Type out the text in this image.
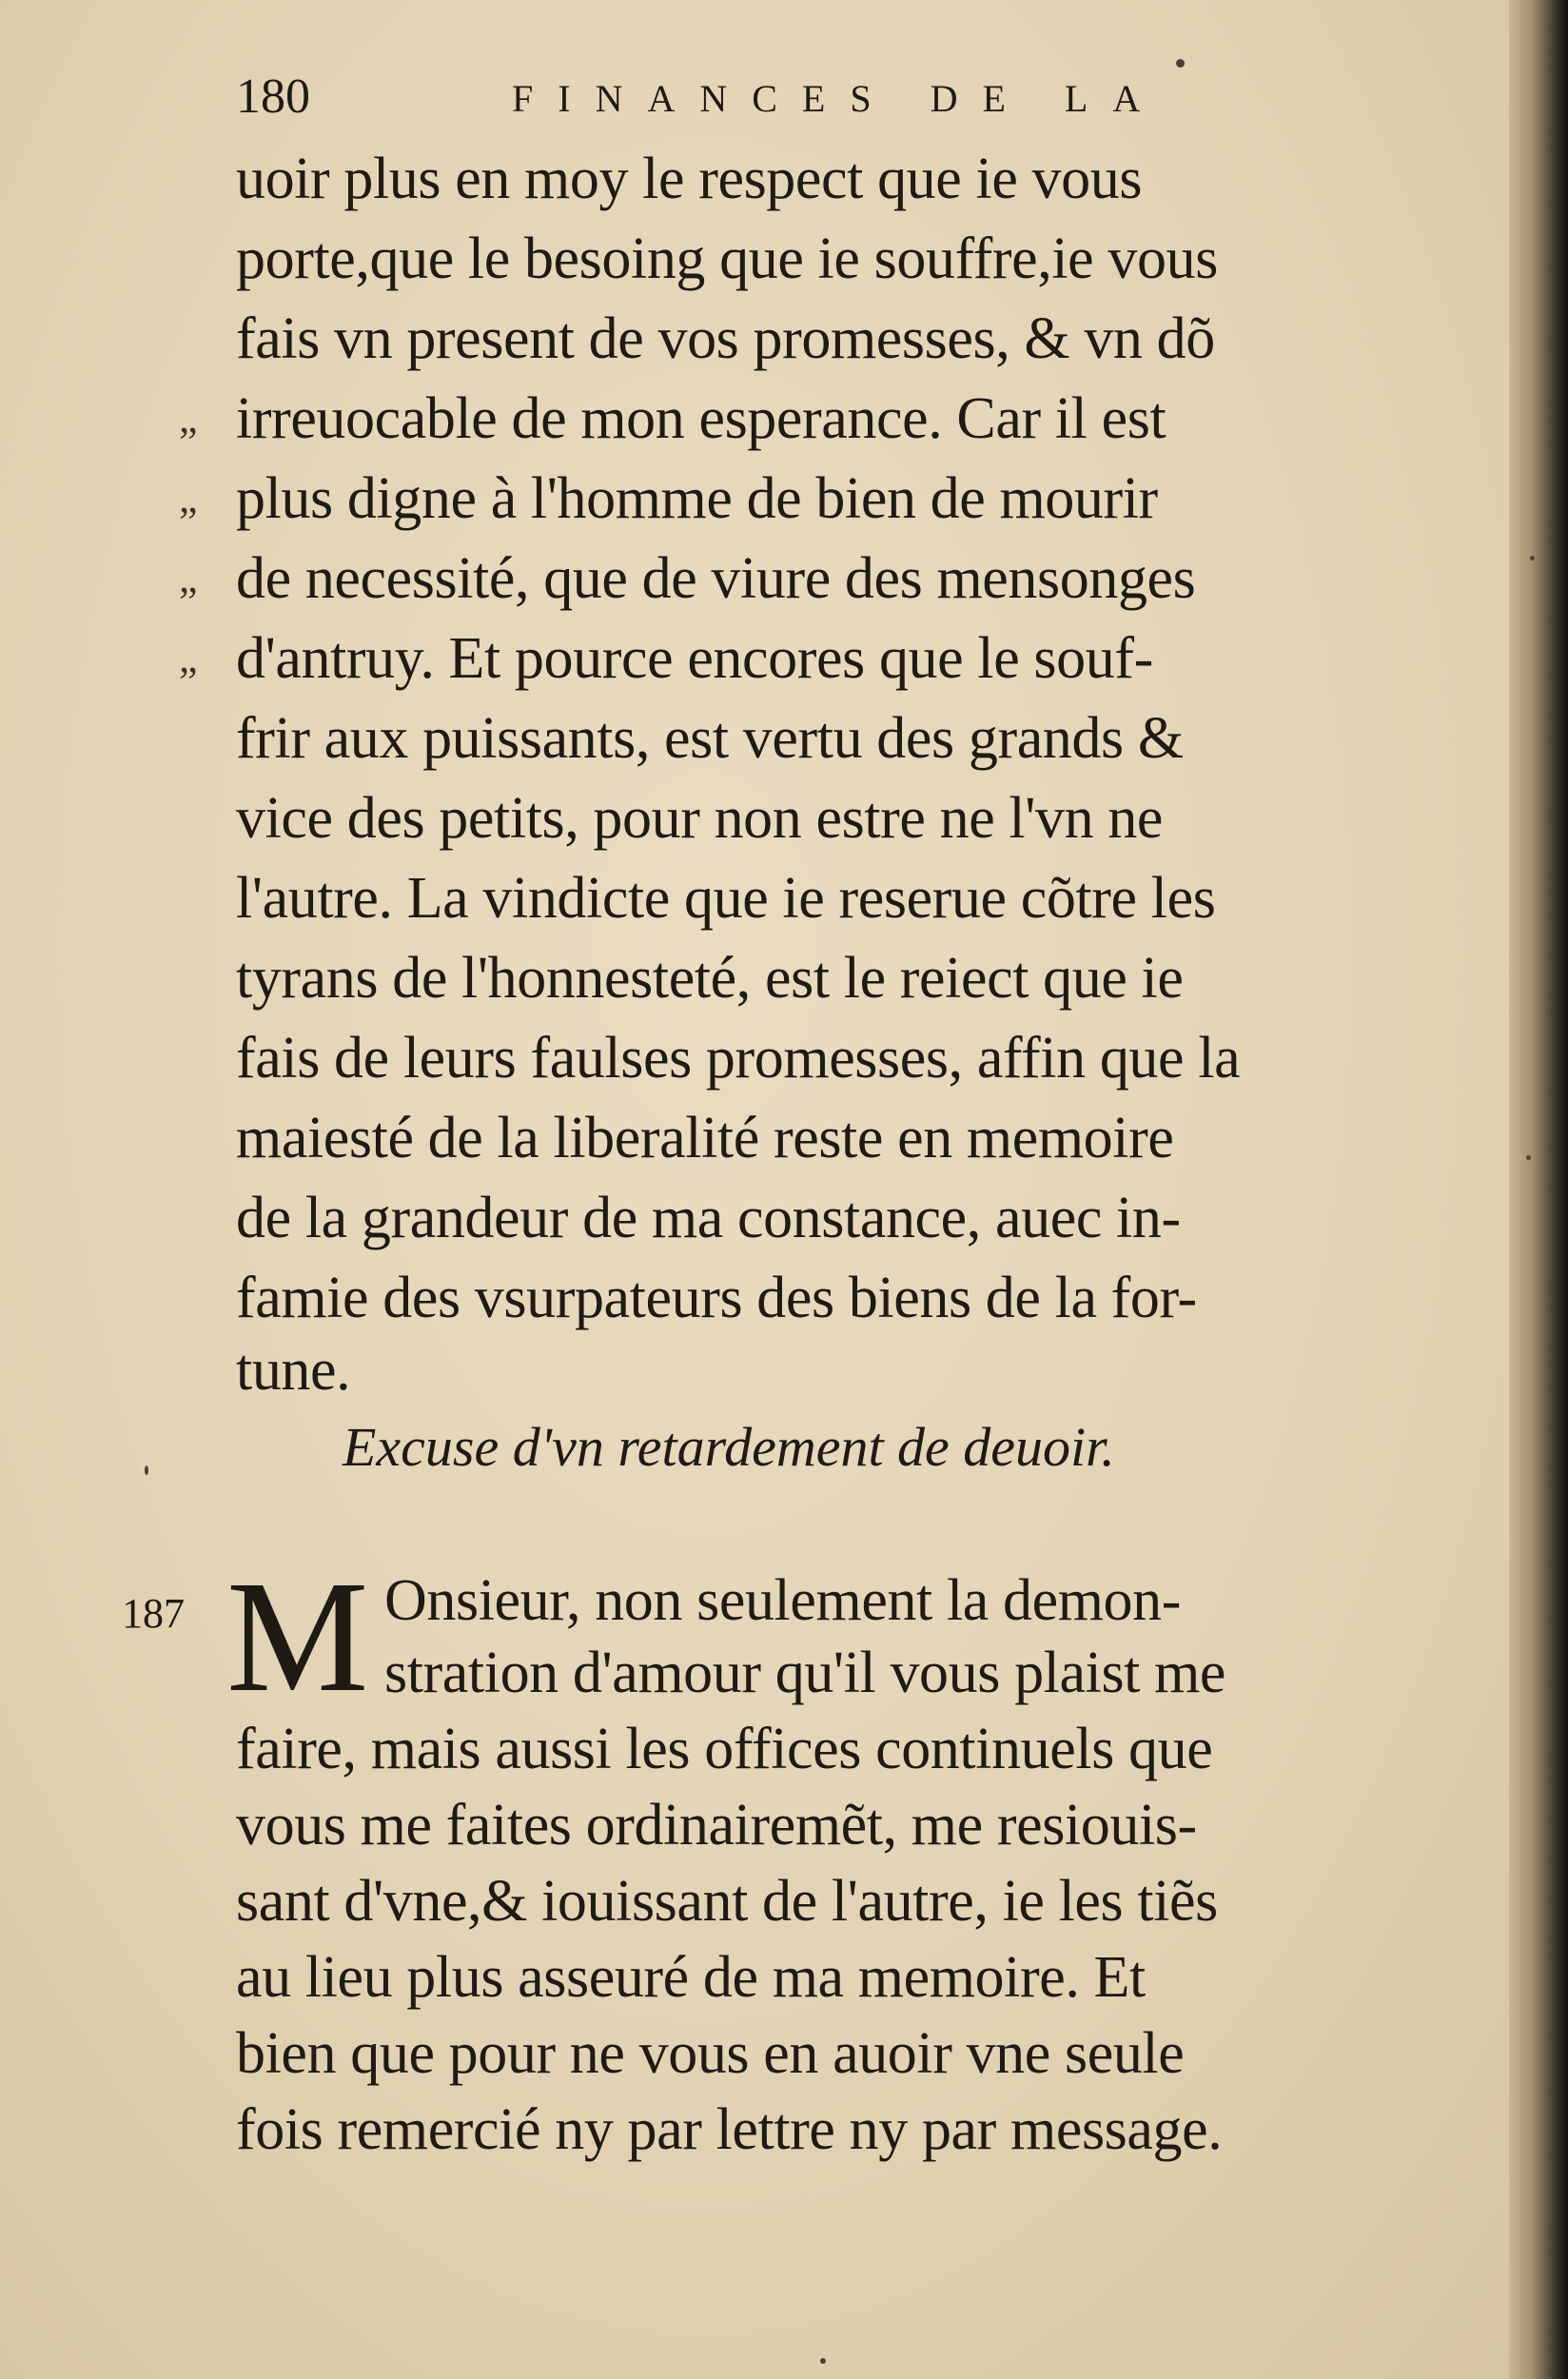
180	FINANCES DE LA
uoir plus en moy le respect que ie vous
porte,que le besoing que ie souffre,ie vous
fais vn present de vos promesses, & vn dõ
„ irreuocable de mon esperance. Car il est
„ plus digne à l'homme de bien de mourir
„ de necessité, que de viure des mensonges
„ d'antruy. Et pource encores que le souf-
frir aux puissants, est vertu des grands &
vice des petits, pour non estre ne l'vn ne
l'autre. La vindicte que ie reserue cõtre les
tyrans de l'honnesteté, est le reiect que ie
fais de leurs faulses promesses, affin que la
maiesté de la liberalité reste en memoire
de la grandeur de ma constance, auec in-
famie des vsurpateurs des biens de la for-
tune.
Excuse d'vn retardement de deuoir.
187 M Onsieur, non seulement la demon-
stration d'amour qu'il vous plaist me
faire, mais aussi les offices continuels que
vous me faites ordinairemẽt, me resiouis-
sant d'vne,& iouissant de l'autre, ie les tiẽs
au lieu plus asseuré de ma memoire. Et
bien que pour ne vous en auoir vne seule
fois remercié ny par lettre ny par message.
